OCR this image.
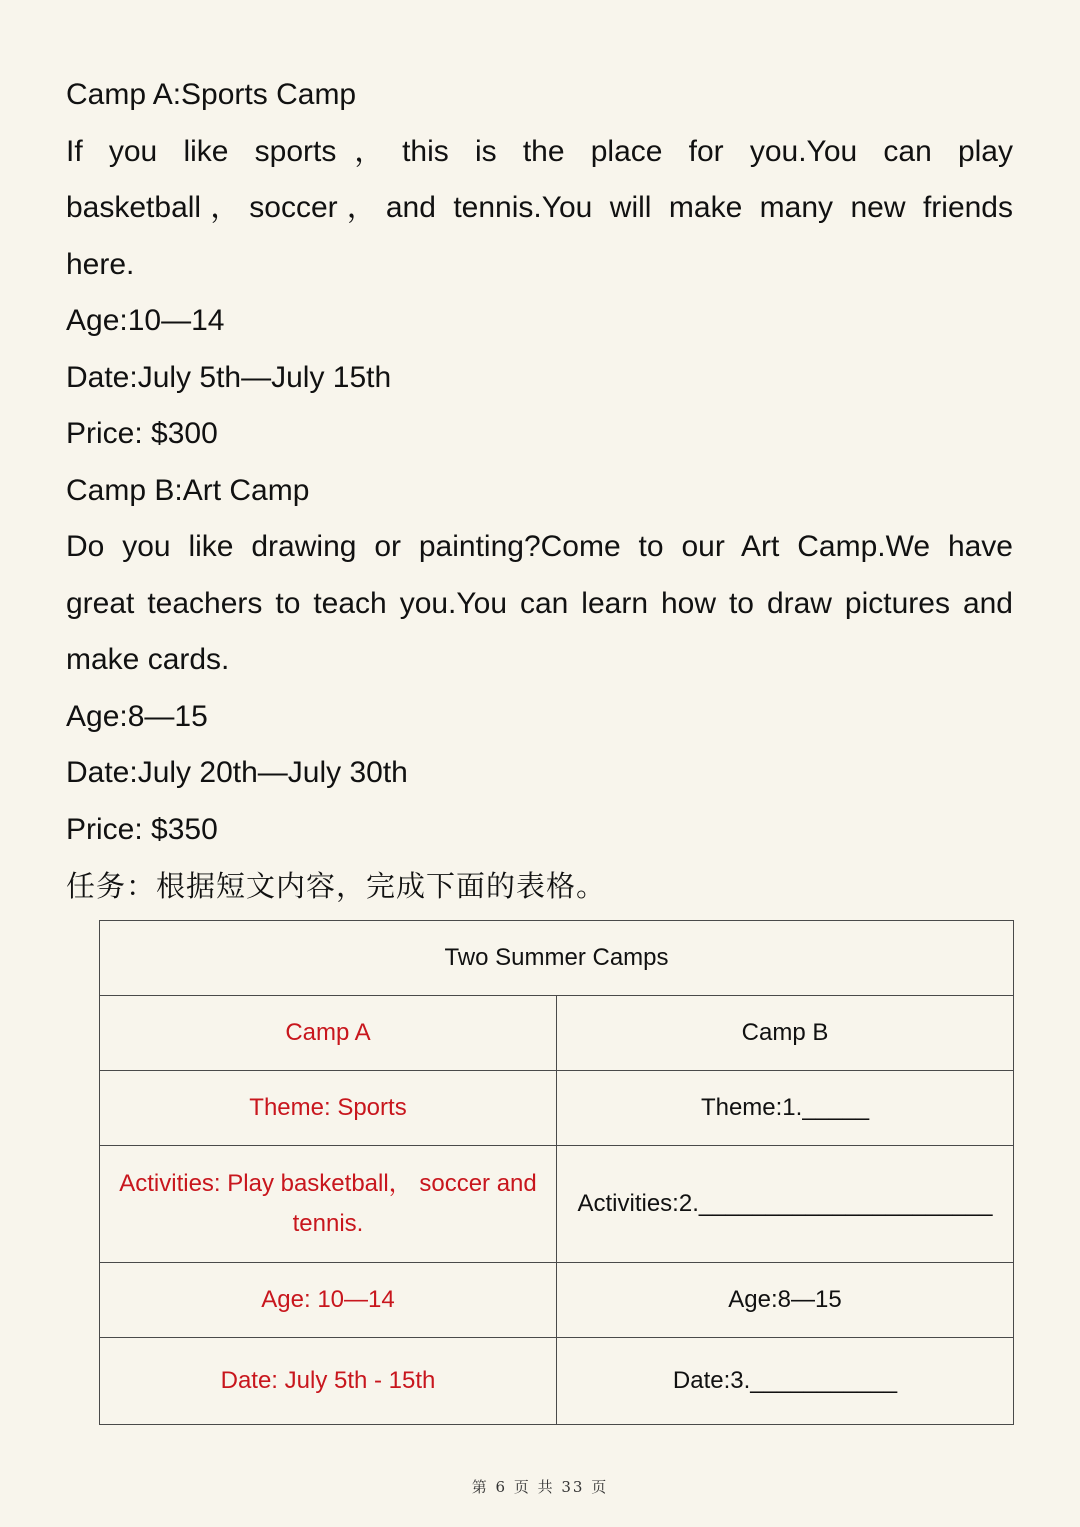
Camp A:Sports Camp
If you like sports，this is the place for you.You can play
basketball，soccer，and tennis.You will make many new friends
here.
Age:10—14
Date:July 5th—July 15th
Price: $300
Camp B:Art Camp
Do you like drawing or painting?Come to our Art Camp.We have
great teachers to teach you.You can learn how to draw pictures and
make cards.
Age:8—15
Date:July 20th—July 30th
Price: $350
任务：根据短文内容，完成下面的表格。
Two Summer Camps	
Camp A	Camp B
Theme: Sports	Theme:1._____
Activities: Play basketball， soccer and tennis.	Activities:2.______________________
Age: 10—14	Age:8—15
Date: July 5th - 15th	Date:3.___________
第 6 页 共 33 页
